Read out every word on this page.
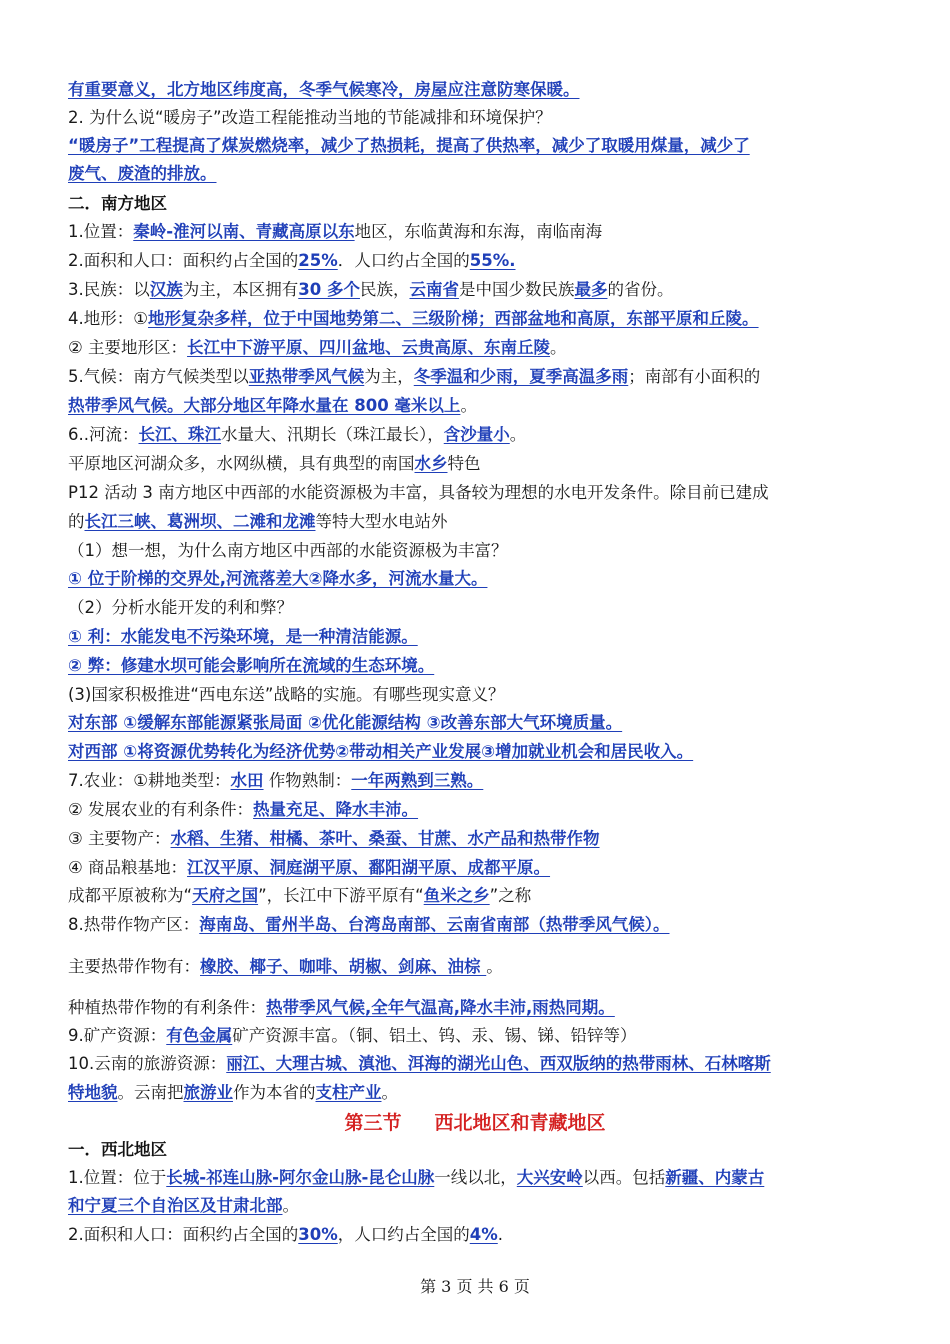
有重要意义，北方地区纬度高，冬季气候寒冷，房屋应注意防寒保暖。
2. 为什么说“暖房子”改造工程能推动当地的节能减排和环境保护？
“暖房子”工程提高了煤炭燃烧率，减少了热损耗，提高了供热率，减少了取暖用煤量，减少了
废气、废渣的排放。
二．南方地区
1.位置：秦岭-淮河以南、青藏高原以东地区，东临黄海和东海，南临南海
2.面积和人口：面积约占全国的25%．人口约占全国的55%.
3.民族：以汉族为主，本区拥有30 多个民族，云南省是中国少数民族最多的省份。
4.地形：①地形复杂多样，位于中国地势第二、三级阶梯；西部盆地和高原，东部平原和丘陵。
② 主要地形区：长江中下游平原、四川盆地、云贵高原、东南丘陵。
5.气候：南方气候类型以亚热带季风气候为主，冬季温和少雨，夏季高温多雨；南部有小面积的
热带季风气候。大部分地区年降水量在 800 毫米以上。
6..河流：长江、珠江水量大、汛期长（珠江最长），含沙量小。
平原地区河湖众多，水网纵横，具有典型的南国水乡特色
P12 活动 3 南方地区中西部的水能资源极为丰富，具备较为理想的水电开发条件。除目前已建成
的长江三峡、葛洲坝、二滩和龙滩等特大型水电站外
（1）想一想，为什么南方地区中西部的水能资源极为丰富？
① 位于阶梯的交界处,河流落差大②降水多，河流水量大。
（2）分析水能开发的利和弊？
① 利：水能发电不污染环境，是一种清洁能源。
② 弊：修建水坝可能会影响所在流域的生态环境。
(3)国家积极推进“西电东送”战略的实施。有哪些现实意义？
对东部 ①缓解东部能源紧张局面 ②优化能源结构 ③改善东部大气环境质量。
对西部 ①将资源优势转化为经济优势②带动相关产业发展③增加就业机会和居民收入。
7.农业：①耕地类型：水田 作物熟制：一年两熟到三熟。
② 发展农业的有利条件：热量充足、降水丰沛。
③ 主要物产：水稻、生猪、柑橘、茶叶、桑蚕、甘蔗、水产品和热带作物
④ 商品粮基地：江汉平原、洞庭湖平原、鄱阳湖平原、成都平原。
成都平原被称为“天府之国”，长江中下游平原有“鱼米之乡”之称
8.热带作物产区：海南岛、雷州半岛、台湾岛南部、云南省南部（热带季风气候）。
主要热带作物有：橡胶、椰子、咖啡、胡椒、剑麻、油棕 。
种植热带作物的有利条件：热带季风气候,全年气温高,降水丰沛,雨热同期。
9.矿产资源：有色金属矿产资源丰富。（铜、铝土、钨、汞、锡、锑、铅锌等）
10.云南的旅游资源：丽江、大理古城、滇池、洱海的湖光山色、西双版纳的热带雨林、石林喀斯
特地貌。云南把旅游业作为本省的支柱产业。
一．西北地区
1.位置：位于长城-祁连山脉-阿尔金山脉-昆仑山脉一线以北，大兴安岭以西。包括新疆、内蒙古
和宁夏三个自治区及甘肃北部。
2.面积和人口：面积约占全国的30%，人口约占全国的4%.
第三节     西北地区和青藏地区
第 3 页 共 6 页
